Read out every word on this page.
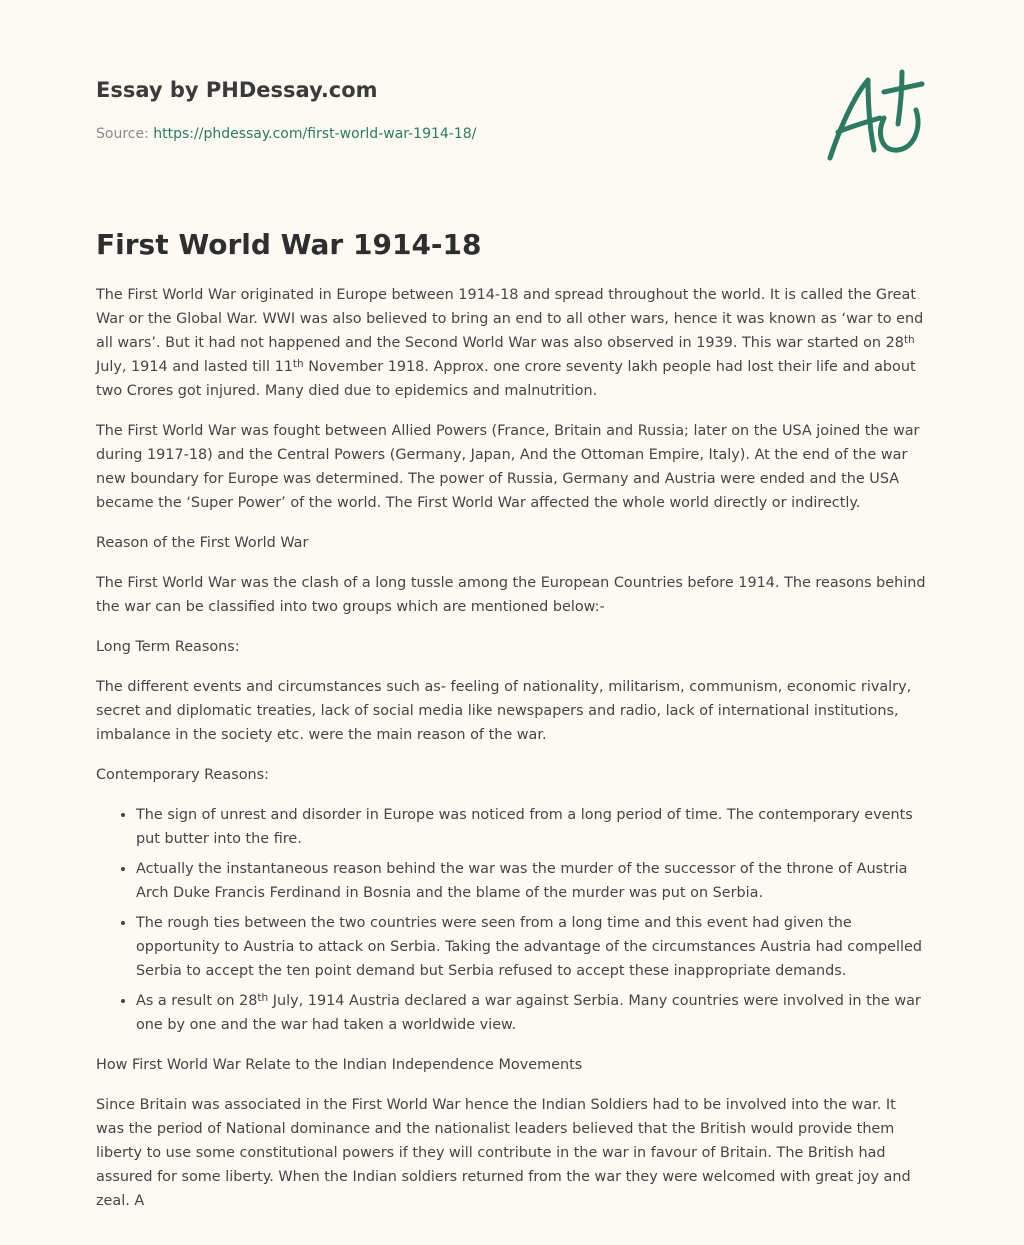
Essay by PHDessay.com
Source: https://phdessay.com/first-world-war-1914-18/
First World War 1914-18

The First World War originated in Europe between 1914-18 and spread throughout the world. It is called the Great War or the Global War. WWI was also believed to bring an end to all other wars, hence it was known as ‘war to end all wars’. But it had not happened and the Second World War was also observed in 1939. This war started on 28th July, 1914 and lasted till 11th November 1918. Approx. one crore seventy lakh people had lost their life and about two Crores got injured. Many died due to epidemics and malnutrition.

The First World War was fought between Allied Powers (France, Britain and Russia; later on the USA joined the war during 1917-18) and the Central Powers (Germany, Japan, And the Ottoman Empire, Italy). At the end of the war new boundary for Europe was determined. The power of Russia, Germany and Austria were ended and the USA became the ‘Super Power’ of the world. The First World War affected the whole world directly or indirectly.

Reason of the First World War

The First World War was the clash of a long tussle among the European Countries before 1914. The reasons behind the war can be classified into two groups which are mentioned below:-

Long Term Reasons:

The different events and circumstances such as- feeling of nationality, militarism, communism, economic rivalry, secret and diplomatic treaties, lack of social media like newspapers and radio, lack of international institutions, imbalance in the society etc. were the main reason of the war.

Contemporary Reasons:

• The sign of unrest and disorder in Europe was noticed from a long period of time. The contemporary events put butter into the fire.
• Actually the instantaneous reason behind the war was the murder of the successor of the throne of Austria Arch Duke Francis Ferdinand in Bosnia and the blame of the murder was put on Serbia.
• The rough ties between the two countries were seen from a long time and this event had given the opportunity to Austria to attack on Serbia. Taking the advantage of the circumstances Austria had compelled Serbia to accept the ten point demand but Serbia refused to accept these inappropriate demands.
• As a result on 28th July, 1914 Austria declared a war against Serbia. Many countries were involved in the war one by one and the war had taken a worldwide view.

How First World War Relate to the Indian Independence Movements

Since Britain was associated in the First World War hence the Indian Soldiers had to be involved into the war. It was the period of National dominance and the nationalist leaders believed that the British would provide them liberty to use some constitutional powers if they will contribute in the war in favour of Britain. The British had assured for some liberty. When the Indian soldiers returned from the war they were welcomed with great joy and zeal. A
